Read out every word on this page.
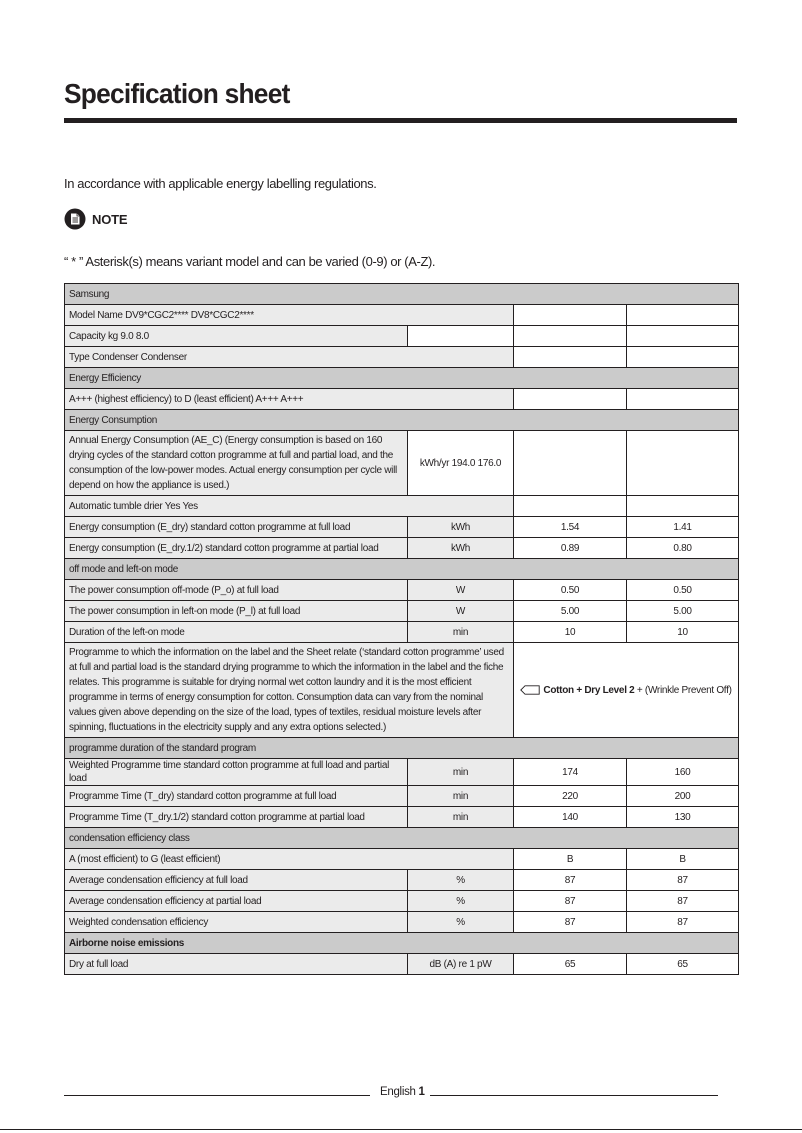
Specification sheet
In accordance with applicable energy labelling regulations.
NOTE
“ * ” Asterisk(s) means variant model and can be varied (0-9) or (A-Z).
Samsung			
Model Name DV9*CGC2**** DV8*CGC2****			
Capacity kg 9.0 8.0			
Type Condenser Condenser			
Energy Efficiency			
A+++ (highest efficiency) to D (least efficient) A+++ A+++			
Energy Consumption			
Annual Energy Consumption (AE_C) (Energy consumption is based on 160 drying cycles of the standard cotton programme at full and partial load, and the consumption of the low-power modes. Actual energy consumption per cycle will depend on how the appliance is used.)	kWh/yr 194.0 176.0		
Automatic tumble drier Yes Yes			
Energy consumption (E_dry) standard cotton programme at full load	kWh	1.54	1.41
Energy consumption (E_dry.1/2) standard cotton programme at partial load	kWh	0.89	0.80
off mode and left-on mode			
The power consumption off-mode (P_o) at full load	W	0.50	0.50
The power consumption in left-on mode (P_l) at full load	W	5.00	5.00
Duration of the left-on mode	min	10	10
Programme to which the information on the label and the Sheet relate (‘standard cotton programme’ used at full and partial load is the standard drying programme to which the information in the label and the fiche relates. This programme is suitable for drying normal wet cotton laundry and it is the most efficient programme in terms of energy consumption for cotton. Consumption data can vary from the nominal values given above depending on the size of the load, types of textiles, residual moisture levels after spinning, fluctuations in the electricity supply and any extra options selected.)		Cotton + Dry Level 2 + (Wrinkle Prevent Off)	
programme duration of the standard program			
Weighted Programme time standard cotton programme at full load and partial load	min	174	160
Programme Time (T_dry) standard cotton programme at full load	min	220	200
Programme Time (T_dry.1/2) standard cotton programme at partial load	min	140	130
condensation efficiency class			
A (most efficient) to G (least efficient)		B	B
Average condensation efficiency at full load	%	87	87
Average condensation efficiency at partial load	%	87	87
Weighted condensation efficiency	%	87	87
Airborne noise emissions			
Dry at full load	dB (A) re 1 pW	65	65
English 1
